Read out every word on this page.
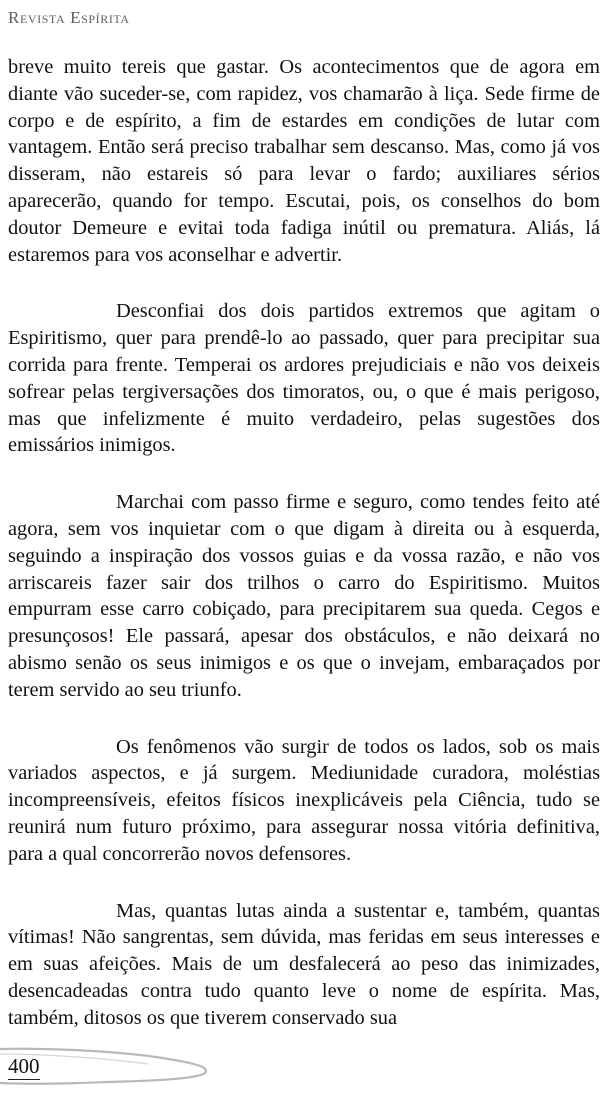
Revista Espírita

breve muito tereis que gastar. Os acontecimentos que de agora em diante vão suceder-se, com rapidez, vos chamarão à liça. Sede firme de corpo e de espírito, a fim de estardes em condições de lutar com vantagem. Então será preciso trabalhar sem descanso. Mas, como já vos disseram, não estareis só para levar o fardo; auxiliares sérios aparecerão, quando for tempo. Escutai, pois, os conselhos do bom doutor Demeure e evitai toda fadiga inútil ou prematura. Aliás, lá estaremos para vos aconselhar e advertir.

Desconfiai dos dois partidos extremos que agitam o Espiritismo, quer para prendê-lo ao passado, quer para precipitar sua corrida para frente. Temperai os ardores prejudiciais e não vos deixeis sofrear pelas tergiversações dos timoratos, ou, o que é mais perigoso, mas que infelizmente é muito verdadeiro, pelas sugestões dos emissários inimigos.

Marchai com passo firme e seguro, como tendes feito até agora, sem vos inquietar com o que digam à direita ou à esquerda, seguindo a inspiração dos vossos guias e da vossa razão, e não vos arriscareis fazer sair dos trilhos o carro do Espiritismo. Muitos empurram esse carro cobiçado, para precipitarem sua queda. Cegos e presunçosos! Ele passará, apesar dos obstáculos, e não deixará no abismo senão os seus inimigos e os que o invejam, embaraçados por terem servido ao seu triunfo.

Os fenômenos vão surgir de todos os lados, sob os mais variados aspectos, e já surgem. Mediunidade curadora, moléstias incompreensíveis, efeitos físicos inexplicáveis pela Ciência, tudo se reunirá num futuro próximo, para assegurar nossa vitória definitiva, para a qual concorrerão novos defensores.

Mas, quantas lutas ainda a sustentar e, também, quantas vítimas! Não sangrentas, sem dúvida, mas feridas em seus interesses e em suas afeições. Mais de um desfalecerá ao peso das inimizades, desencadeadas contra tudo quanto leve o nome de espírita. Mas, também, ditosos os que tiverem conservado sua

400
